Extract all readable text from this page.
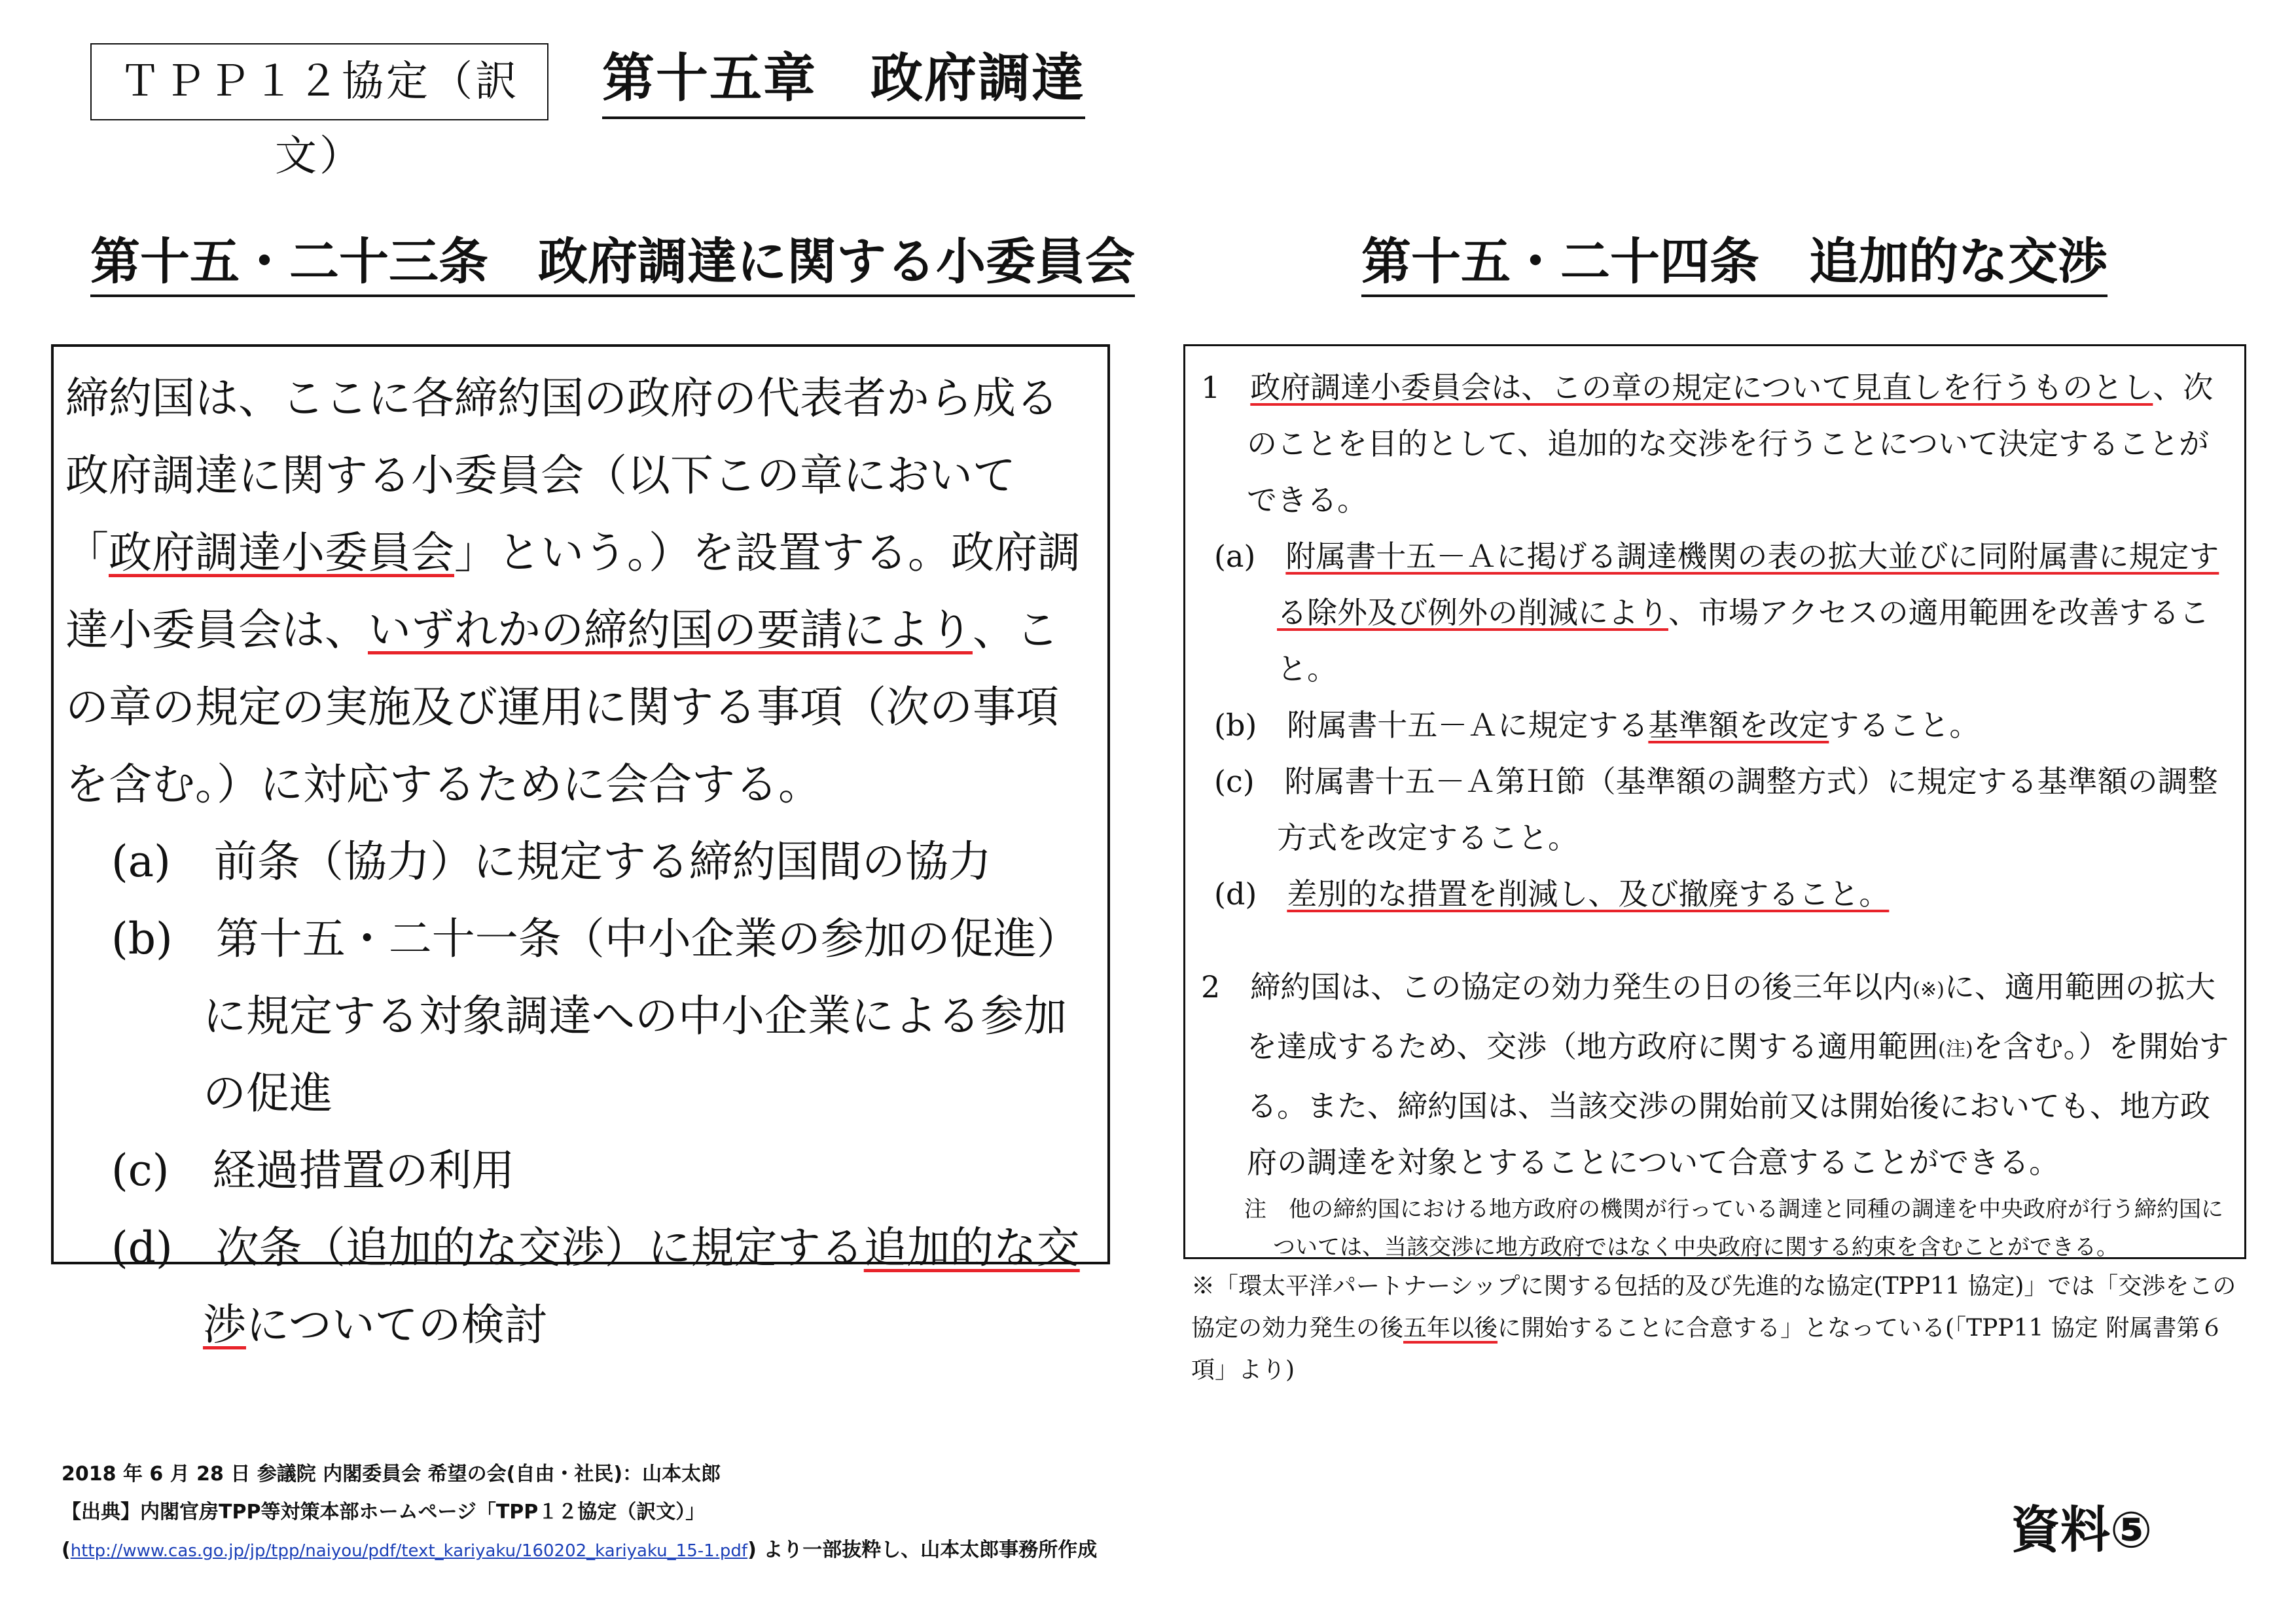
ＴＰＰ１２協定（訳文）
第十五章　政府調達
第十五・二十三条　政府調達に関する小委員会	第十五・二十四条　追加的な交渉

締約国は、ここに各締約国の政府の代表者から成る政府調達に関する小委員会（以下この章において「政府調達小委員会」という。）を設置する。政府調達小委員会は、いずれかの締約国の要請により、この章の規定の実施及び運用に関する事項（次の事項を含む。）に対応するために会合する。

(a)　 前条（協力）に規定する締約国間の協力

(b)　 第十五・二十一条（中小企業の参加の促進）に規定する対象調達への中小企業による参加の促進

(c)　 経過措置の利用

(d)　 次条（追加的な交渉）に規定する追加的な交渉についての検討

1　 政府調達小委員会は、この章の規定について見直しを行うものとし、次のことを目的として、追加的な交渉を行うことについて決定することができる。

(a)　 附属書十五－Ａに掲げる調達機関の表の拡大並びに同附属書に規定する除外及び例外の削減により、市場アクセスの適用範囲を改善すること。

(b)　 附属書十五－Ａに規定する基準額を改定すること。

(c)　 附属書十五－Ａ第Ｈ節（基準額の調整方式）に規定する基準額の調整方式を改定すること。

(d)　 差別的な措置を削減し、及び撤廃すること。

2　 締約国は、この協定の効力発生の日の後三年以内(※)に、適用範囲の拡大を達成するため、交渉（地方政府に関する適用範囲(注)を含む。）を開始する。また、締約国は、当該交渉の開始前又は開始後においても、地方政府の調達を対象とすることについて合意することができる。

注　他の締約国における地方政府の機関が行っている調達と同種の調達を中央政府が行う締約国については、当該交渉に地方政府ではなく中央政府に関する約束を含むことができる。

※「環太平洋パートナーシップに関する包括的及び先進的な協定(TPP11 協定)」では「交渉をこの協定の効力発生の後五年以後に開始することに合意する」となっている(「TPP11 協定 附属書第６項」より)
2018 年 6 月 28 日 参議院 内閣委員会 希望の会(自由・社民)：山本太郎
【出典】内閣官房TPP等対策本部ホームページ「TPP１２協定（訳文）」
(http://www.cas.go.jp/jp/tpp/naiyou/pdf/text_kariyaku/160202_kariyaku_15-1.pdf) より一部抜粋し、山本太郎事務所作成	資料⑤
